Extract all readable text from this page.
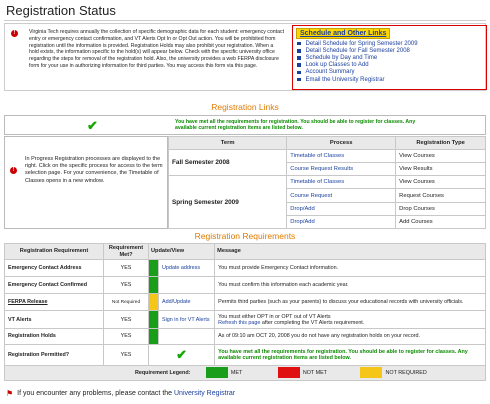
Registration Status
!	Virginia Tech requires annually the collection of specific demographic data for each student: emergency contact entry or emergency contact confirmation, and VT Alerts Opt In or Opt Out action. You will be prohibited from registration until the information is provided. Registration Holds may also prohibit your registration. When a hold exists, the information specific to the hold(s) will appear below. Check with the specific university office regarding the steps for removal of the registration hold. Also, the university provides a web FERPA disclosure form for your use in authorizing information for third parties. You may access this form via this page.
Schedule and Other Links
Detail Schedule for Spring Semester 2009
Detail Schedule for Fall Semester 2008
Schedule by Day and Time
Look up Classes to Add
Account Summary
Email the University Registrar
Registration Links
✔	You have met all the requirements for registration. You should be able to register for classes. Any available current registration items are listed below.
!
In Progress Registration processes are displayed to the right. Click on the specific process for access to the term selection page. For your convenience, the Timetable of Classes opens in a new window.
Term	Process	Registration Type
Fall Semester 2008	Timetable of Classes	View Courses
	Course Request Results	View Results
Spring Semester 2009	Timetable of Classes	View Courses
	Course Request	Request Courses
	Drop/Add	Drop Courses
	Drop/Add	Add Courses
Registration Requirements
Registration Requirement	Requirement Met?	Update/View		Message
Emergency Contact Address	YES		Update address	You must provide Emergency Contact information.
Emergency Contact Confirmed	YES			You must confirm this information each academic year.
FERPA Release	Not Required		Add/Update	Permits third parties (such as your parents) to discuss your educational records with university officials.
VT Alerts	YES		Sign in for VT Alerts	You must either OPT in or OPT out of VT Alerts
Refresh this page after completing the VT Alerts requirement.
Registration Holds	YES			As of 09:10 am OCT 20, 2008 you do not have any registration holds on your record.
Registration Permitted?	YES	✔		You have met all the requirements for registration. You should be able to register for classes. Any available current registration items are listed below.
Requirement Legend: MET NOT MET NOT REQUIRED				
⚑ If you encounter any problems, please contact the
University Registrar
